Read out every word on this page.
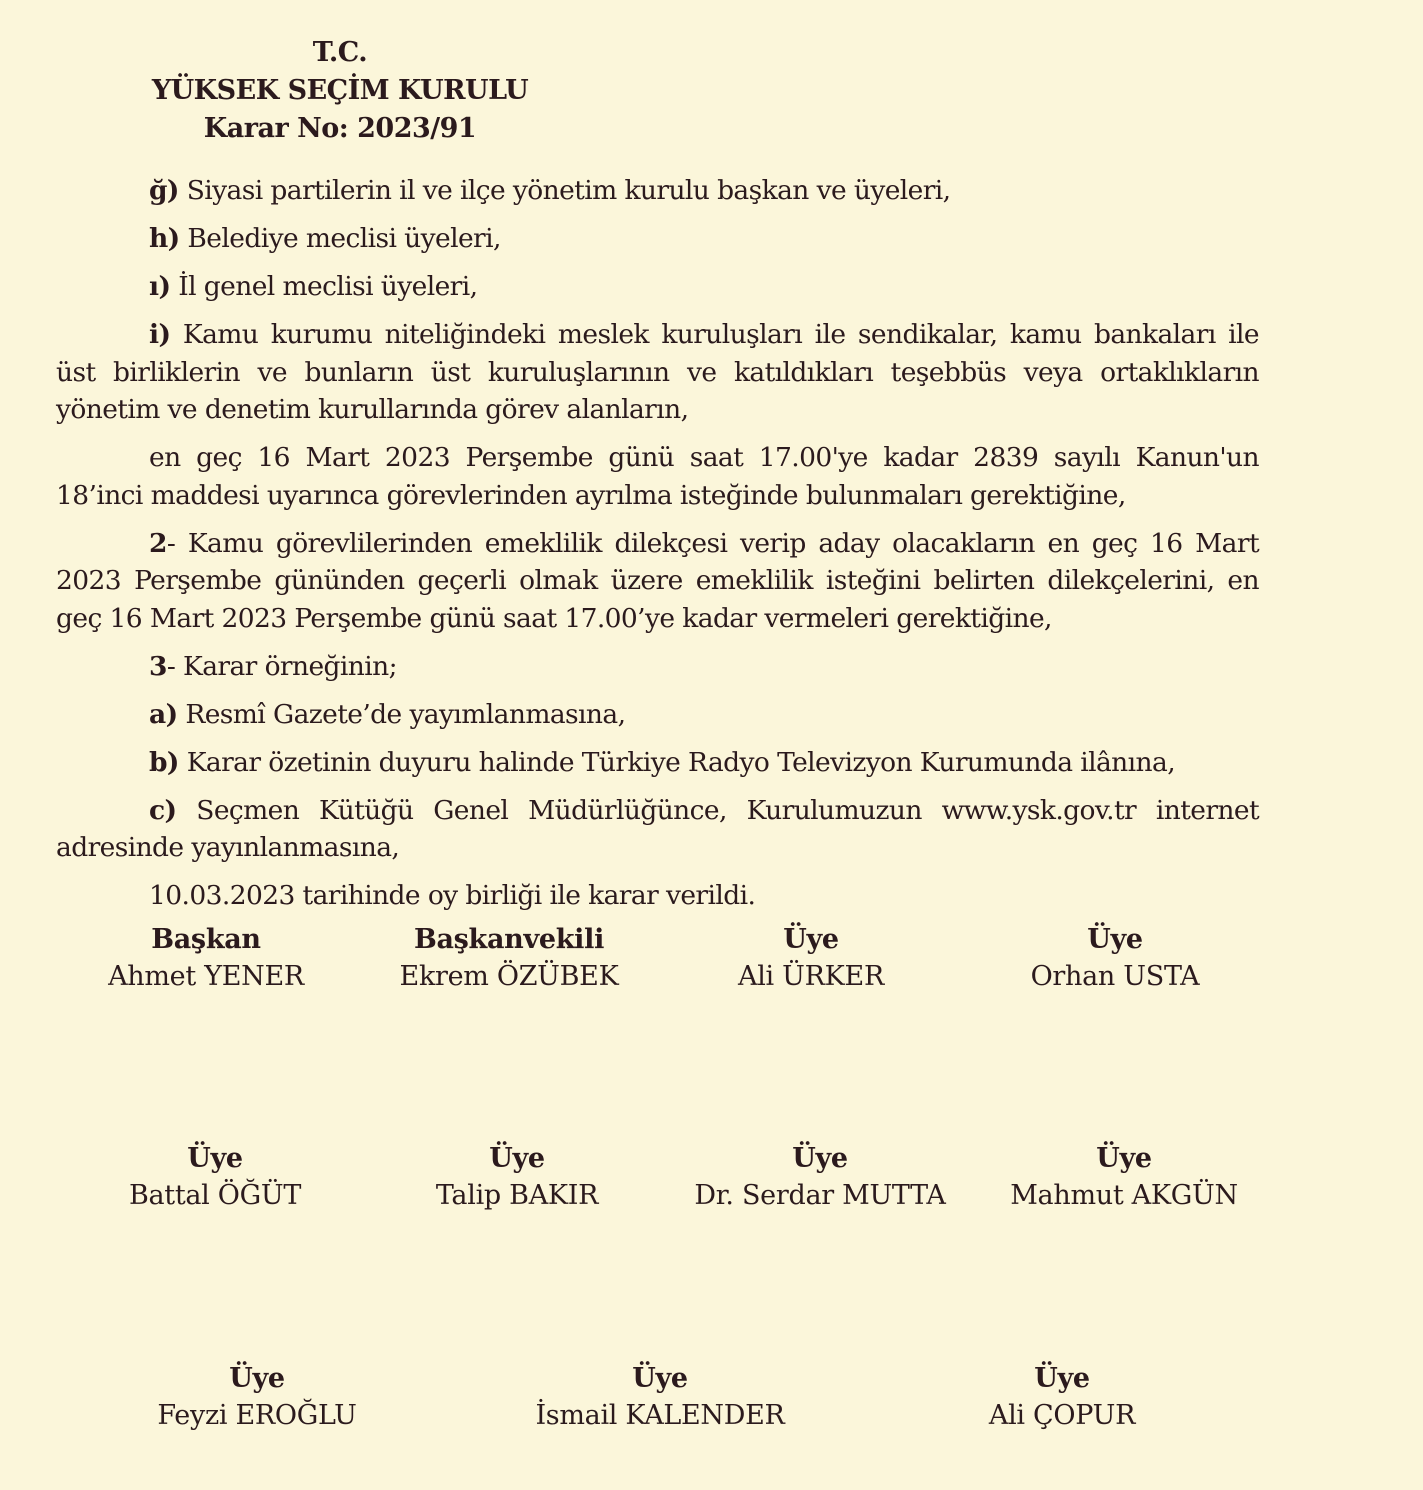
T.C.
YÜKSEK SEÇİM KURULU
Karar No: 2023/91

ğ) Siyasi partilerin il ve ilçe yönetim kurulu başkan ve üyeleri,

h) Belediye meclisi üyeleri,

ı) İl genel meclisi üyeleri,

i) Kamu kurumu niteliğindeki meslek kuruluşları ile sendikalar, kamu bankaları ile üst birliklerin ve bunların üst kuruluşlarının ve katıldıkları teşebbüs veya ortaklıkların yönetim ve denetim kurullarında görev alanların,

en geç 16 Mart 2023 Perşembe günü saat 17.00'ye kadar 2839 sayılı Kanun'un 18’inci maddesi uyarınca görevlerinden ayrılma isteğinde bulunmaları gerektiğine,

2- Kamu görevlilerinden emeklilik dilekçesi verip aday olacakların en geç 16 Mart 2023 Perşembe gününden geçerli olmak üzere emeklilik isteğini belirten dilekçelerini, en geç 16 Mart 2023 Perşembe günü saat 17.00’ye kadar vermeleri gerektiğine,

3- Karar örneğinin;

a) Resmî Gazete’de yayımlanmasına,

b) Karar özetinin duyuru halinde Türkiye Radyo Televizyon Kurumunda ilânına,

c) Seçmen Kütüğü Genel Müdürlüğünce, Kurulumuzun www.ysk.gov.tr internet adresinde yayınlanmasına,

10.03.2023 tarihinde oy birliği ile karar verildi.

Başkan
Ahmet YENER
Başkanvekili
Ekrem ÖZÜBEK
Üye
Ali ÜRKER
Üye
Orhan USTA
Üye
Battal ÖĞÜT
Üye
Talip BAKIR
Üye
Dr. Serdar MUTTA
Üye
Mahmut AKGÜN
Üye
Feyzi EROĞLU
Üye
İsmail KALENDER
Üye
Ali ÇOPUR
